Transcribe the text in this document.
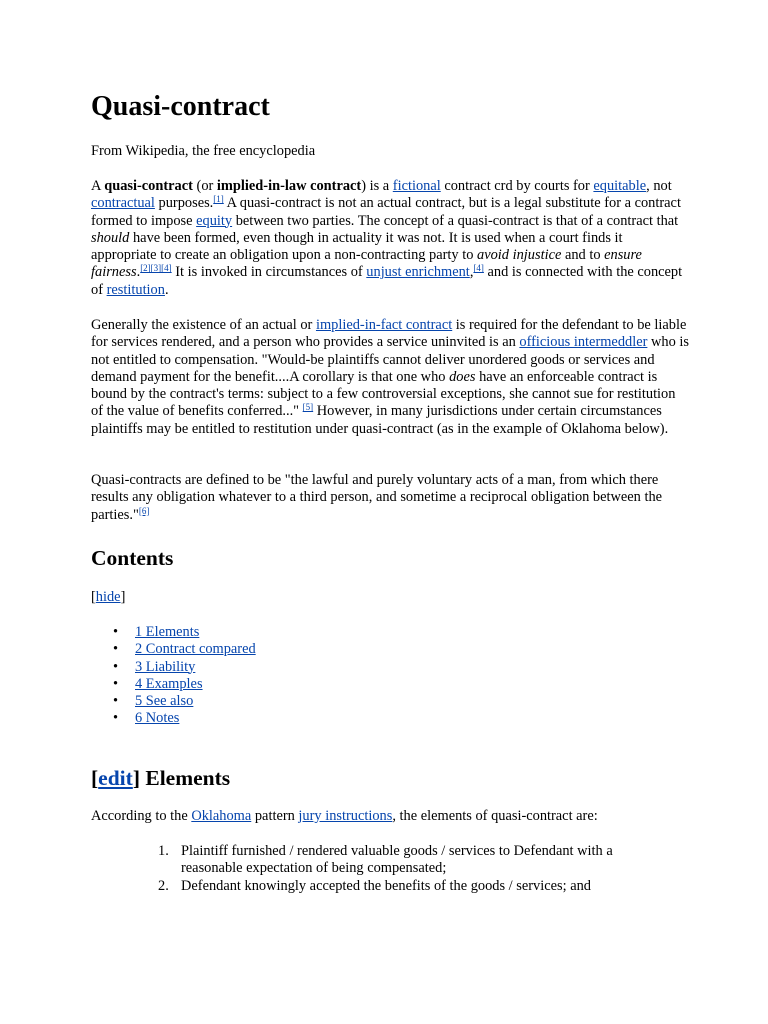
Quasi-contract

From Wikipedia, the free encyclopedia

A quasi-contract (or implied-in-law contract) is a fictional contract crd by courts for equitable, not contractual purposes.[1] A quasi-contract is not an actual contract, but is a legal substitute for a contract formed to impose equity between two parties. The concept of a quasi-contract is that of a contract that should have been formed, even though in actuality it was not. It is used when a court finds it appropriate to create an obligation upon a non-contracting party to avoid injustice and to ensure fairness.[2][3][4] It is invoked in circumstances of unjust enrichment,[4] and is connected with the concept of restitution.

Generally the existence of an actual or implied-in-fact contract is required for the defendant to be liable for services rendered, and a person who provides a service uninvited is an officious intermeddler who is not entitled to compensation. "Would-be plaintiffs cannot deliver unordered goods or services and demand payment for the benefit....A corollary is that one who does have an enforceable contract is bound by the contract's terms: subject to a few controversial exceptions, she cannot sue for restitution of the value of benefits conferred..." [5] However, in many jurisdictions under certain circumstances plaintiffs may be entitled to restitution under quasi-contract (as in the example of Oklahoma below).

Quasi-contracts are defined to be "the lawful and purely voluntary acts of a man, from which there results any obligation whatever to a third person, and sometime a reciprocal obligation between the parties."[6]

Contents

[hide]

• 1 Elements
• 2 Contract compared
• 3 Liability
• 4 Examples
• 5 See also
• 6 Notes
[edit] Elements

According to the Oklahoma pattern jury instructions, the elements of quasi-contract are:

1. Plaintiff furnished / rendered valuable goods / services to Defendant with a reasonable expectation of being compensated;
2. Defendant knowingly accepted the benefits of the goods / services; and
